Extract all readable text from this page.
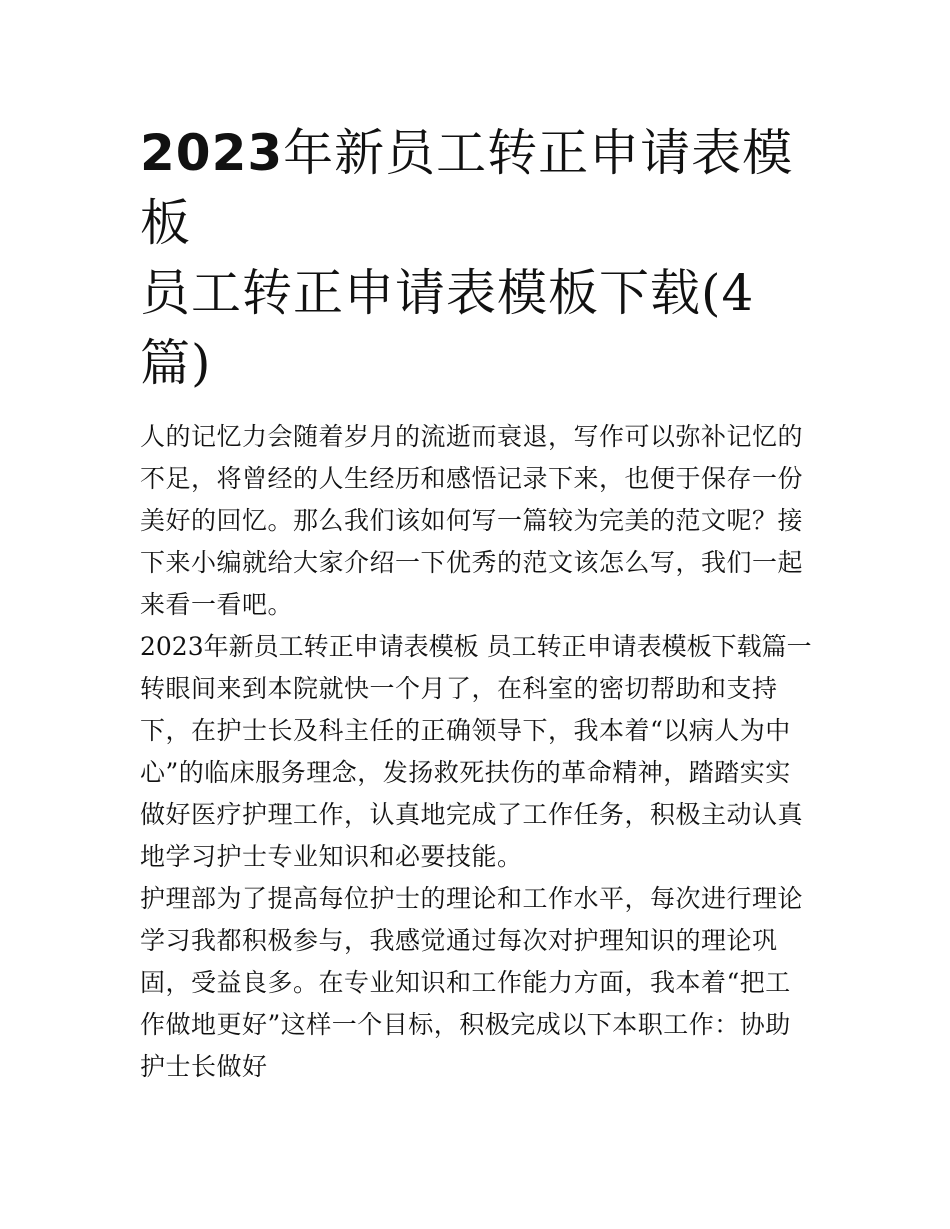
2023年新员工转正申请表模板
员工转正申请表模板下载(4
篇)

人的记忆力会随着岁月的流逝而衰退，写作可以弥补记忆的不足，将曾经的人生经历和感悟记录下来，也便于保存一份美好的回忆。那么我们该如何写一篇较为完美的范文呢？接下来小编就给大家介绍一下优秀的范文该怎么写，我们一起来看一看吧。

2023年新员工转正申请表模板 员工转正申请表模板下载篇一

转眼间来到本院就快一个月了，在科室的密切帮助和支持下，在护士长及科主任的正确领导下，我本着“以病人为中心”的临床服务理念，发扬救死扶伤的革命精神，踏踏实实做好医疗护理工作，认真地完成了工作任务，积极主动认真地学习护士专业知识和必要技能。

护理部为了提高每位护士的理论和工作水平，每次进行理论学习我都积极参与，我感觉通过每次对护理知识的理论巩固，受益良多。在专业知识和工作能力方面，我本着“把工作做地更好”这样一个目标，积极完成以下本职工作：协助护士长做好
